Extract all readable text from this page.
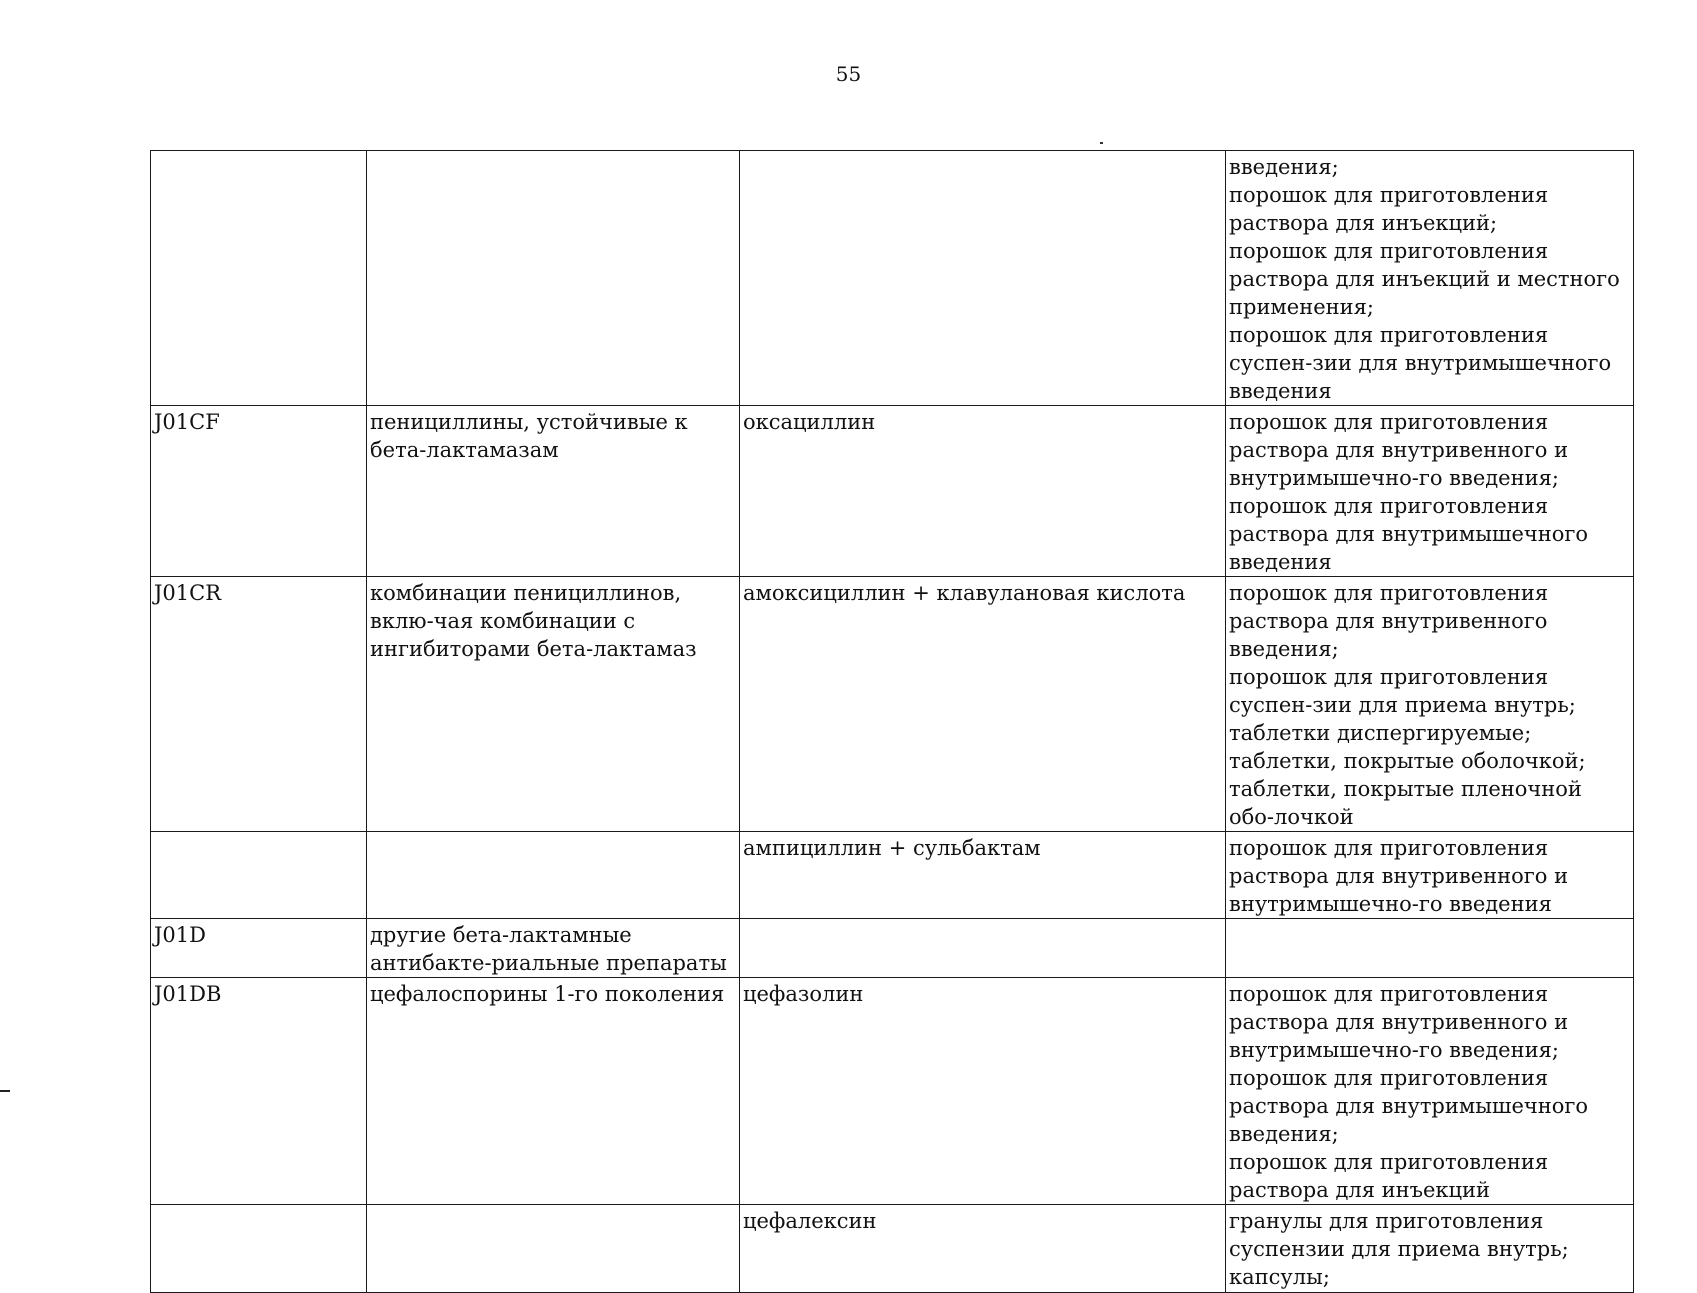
55
			введения;
порошок для приготовления раствора для инъекций;
порошок для приготовления раствора для инъекций и местного применения;
порошок для приготовления суспен-зии для внутримышечного введения
J01CF	пенициллины, устойчивые к бета-лактамазам	оксациллин	порошок для приготовления раствора для внутривенного и внутримышечно-го введения;
порошок для приготовления раствора для внутримышечного введения
J01CR	комбинации пенициллинов, вклю-чая комбинации с ингибиторами бета-лактамаз	амоксициллин + клавулановая кислота	порошок для приготовления раствора для внутривенного введения;
порошок для приготовления суспен-зии для приема внутрь;
таблетки диспергируемые;
таблетки, покрытые оболочкой;
таблетки, покрытые пленочной обо-лочкой
		ампициллин + сульбактам	порошок для приготовления раствора для внутривенного и внутримышечно-го введения
J01D	другие бета-лактамные антибакте-риальные препараты		
J01DB	цефалоспорины 1-го поколения	цефазолин	порошок для приготовления раствора для внутривенного и внутримышечно-го введения;
порошок для приготовления раствора для внутримышечного введения;
порошок для приготовления раствора для инъекций
		цефалексин	гранулы для приготовления суспензии для приема внутрь;
капсулы;
